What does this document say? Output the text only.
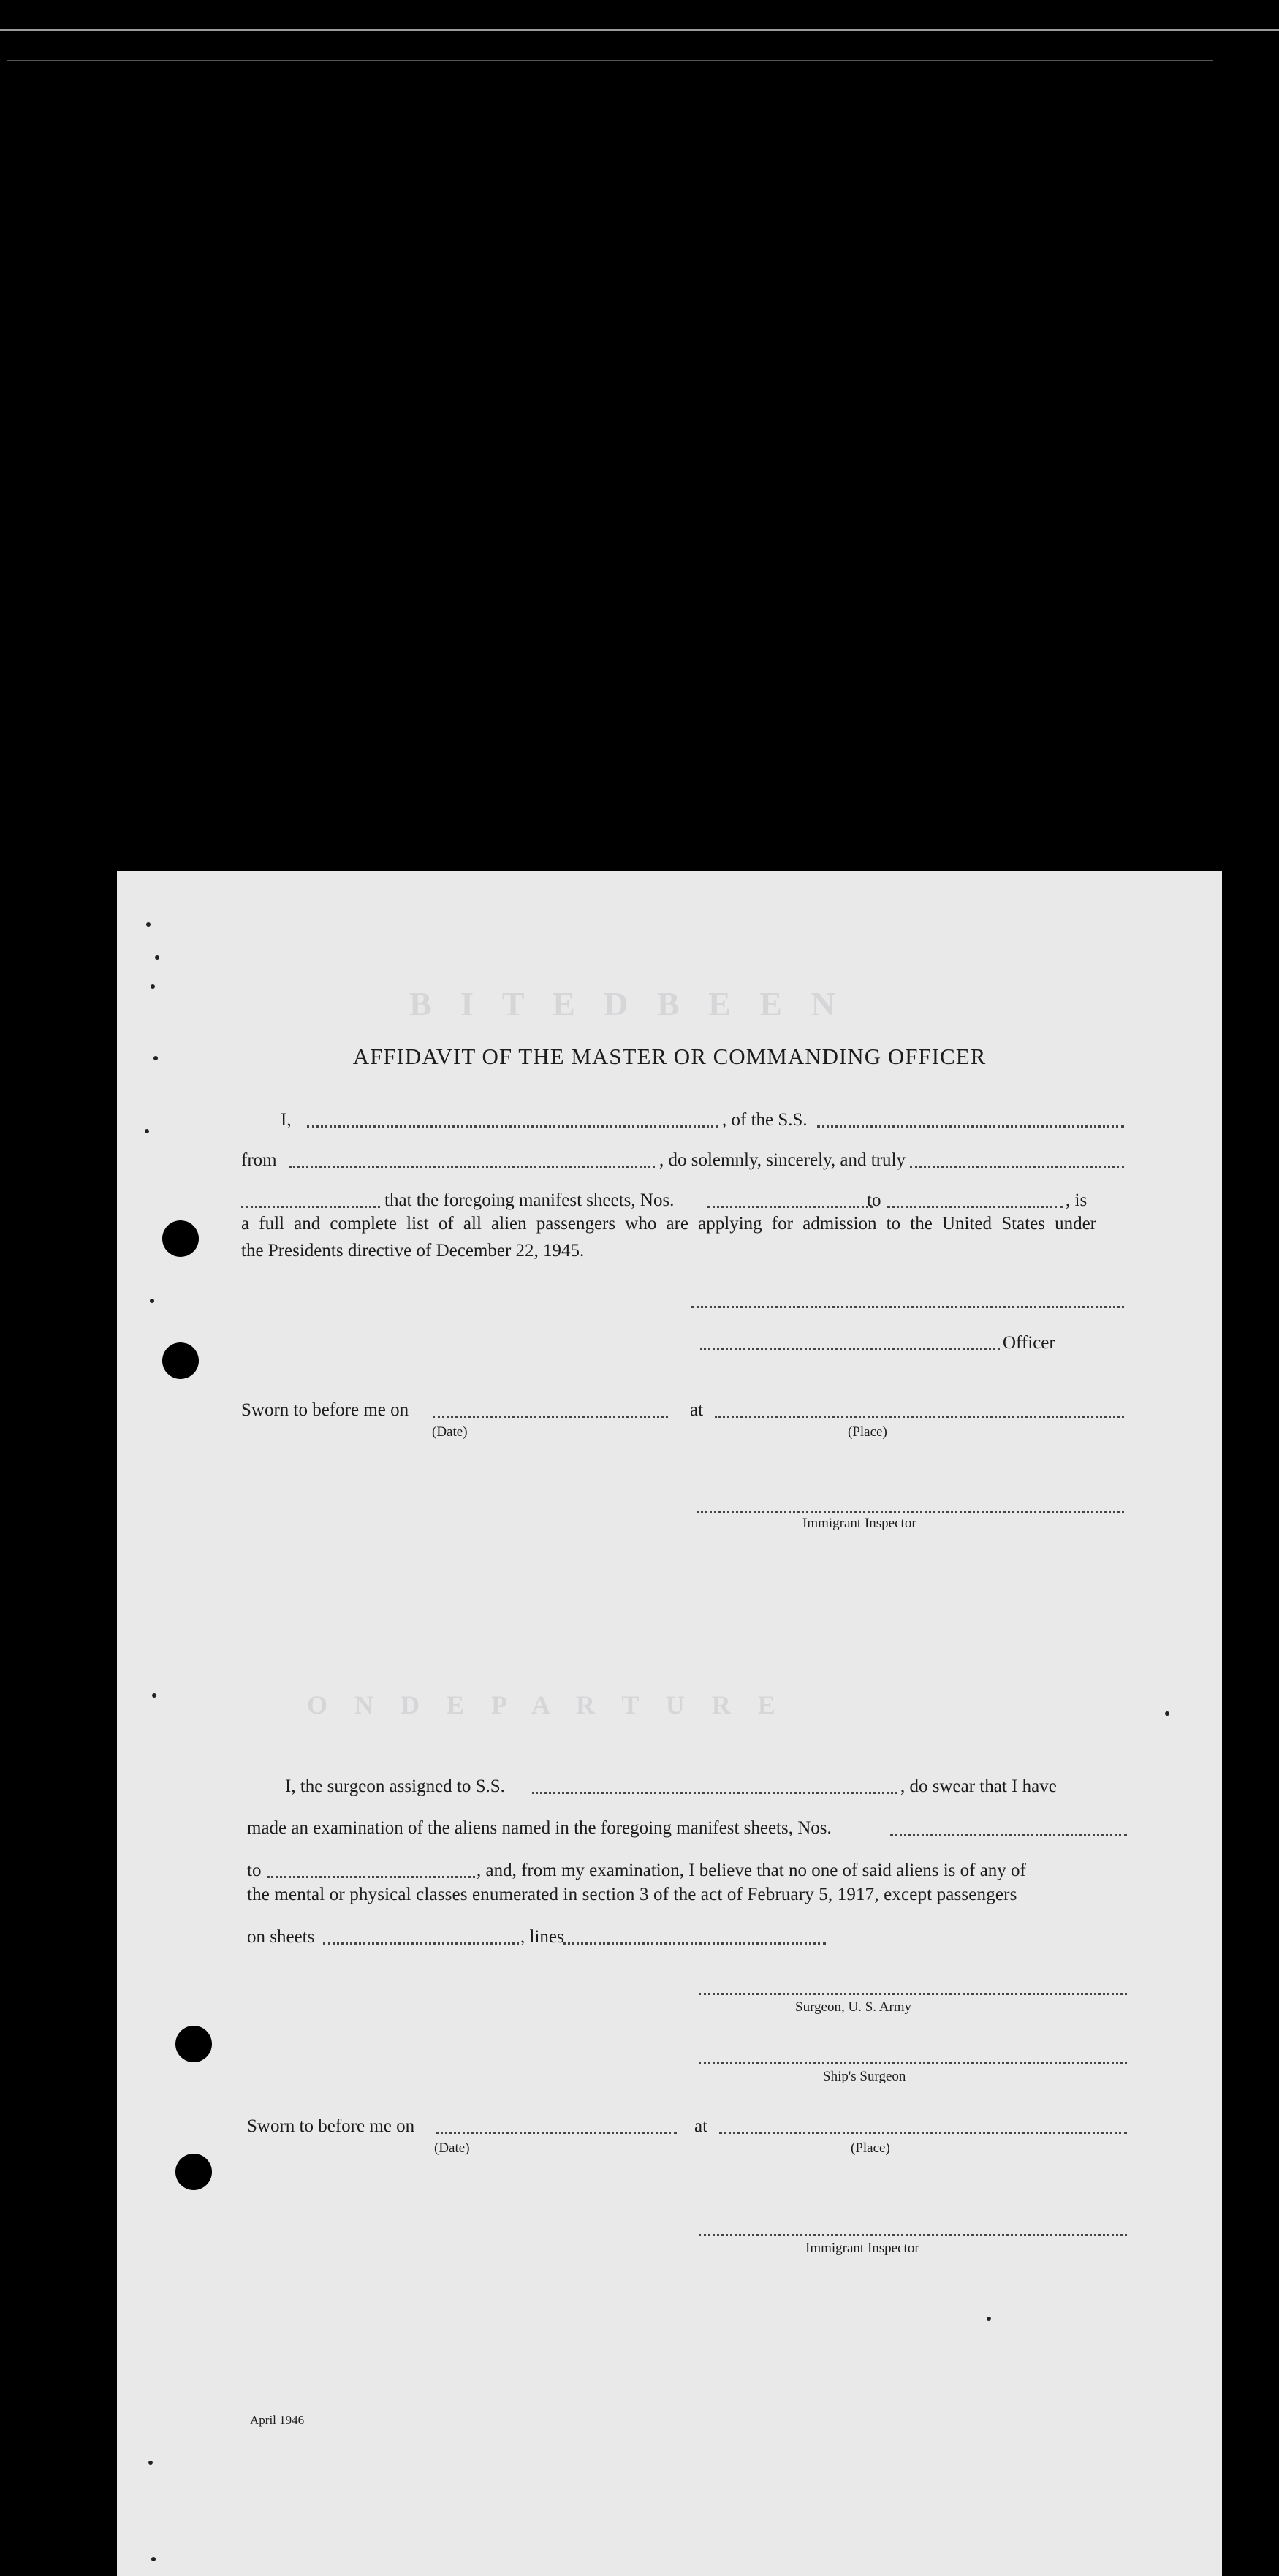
B I T E D B E E N
O N D E P A R T U R E
AFFIDAVIT OF THE MASTER OR COMMANDING OFFICER
I,	, of the S.S.
from	, do solemnly, sincerely, and truly
that the foregoing manifest sheets, Nos.	to	, is
a full and complete list of all alien passengers who are applying for admission to the United States under
the Presidents directive of December 22, 1945.
Officer
Sworn to before me on	at
(Date)	(Place)
Immigrant Inspector
I, the surgeon assigned to S.S.	, do swear that I have
made an examination of the aliens named in the foregoing manifest sheets, Nos.
to	, and, from my examination, I believe that no one of said aliens is of any of
the mental or physical classes enumerated in section 3 of the act of February 5, 1917, except passengers
on sheets	, lines
Surgeon, U. S. Army
Ship's Surgeon
Sworn to before me on	at
(Date)	(Place)
Immigrant Inspector
April 1946
